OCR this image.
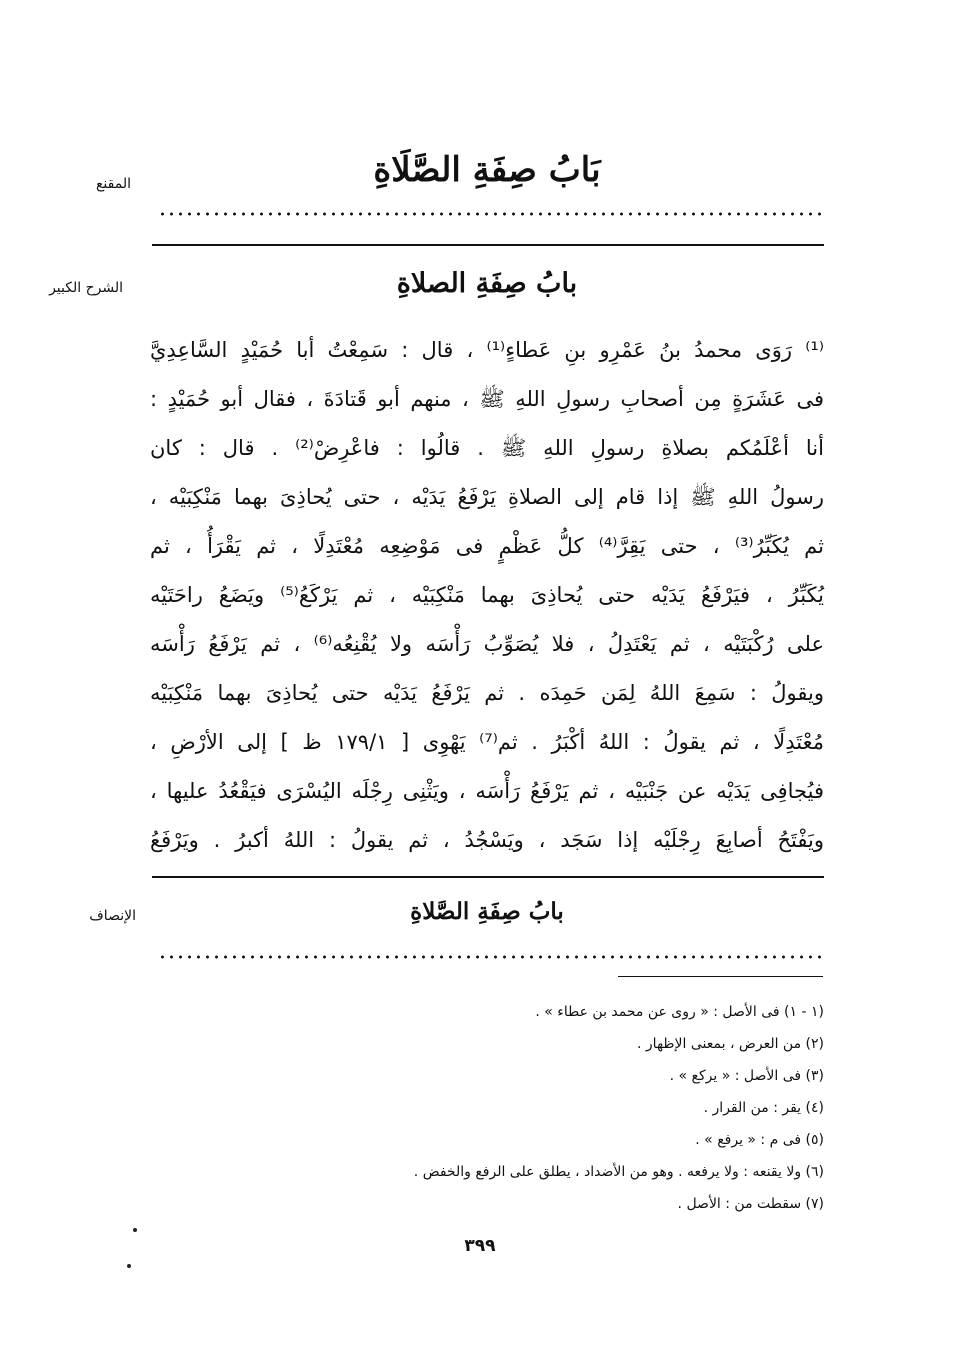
المقنع
الشرح الكبير
الإنصاف
بَابُ صِفَةِ الصَّلَاةِ
بابُ صِفَةِ الصلاةِ
⁽¹⁾ رَوَى محمدُ بنُ عَمْرِو بنِ عَطاءٍ⁽¹⁾ ، قال : سَمِعْتُ أبا حُمَيْدٍ السَّاعِدِيَّ
فى عَشَرَةٍ مِن أصحابِ رسولِ اللهِ ﷺ ، منهم أبو قَتادَةَ ، فقال أبو حُمَيْدٍ :
أنا أعْلَمُكم بصلاةِ رسولِ اللهِ ﷺ . قالُوا : فاعْرِضْ⁽²⁾ . قال : كان
رسولُ اللهِ ﷺ إذا قام إلى الصلاةِ يَرْفَعُ يَدَيْه ، حتى يُحاذِىَ بهما مَنْكِبَيْه ،
ثم يُكَبِّرُ⁽³⁾ ، حتى يَقِرَّ⁽⁴⁾ كلُّ عَظْمٍ فى مَوْضِعِه مُعْتَدِلًا ، ثم يَقْرَأُ ، ثم
يُكَبِّرُ ، فيَرْفَعُ يَدَيْه حتى يُحاذِىَ بهما مَنْكِبَيْه ، ثم يَرْكَعُ⁽⁵⁾ ويَضَعُ راحَتَيْه
على رُكْبَتَيْه ، ثم يَعْتَدِلُ ، فلا يُصَوِّبُ رَأْسَه ولا يُقْنِعُه⁽⁶⁾ ، ثم يَرْفَعُ رَأْسَه
ويقولُ : سَمِعَ اللهُ لِمَن حَمِدَه . ثم يَرْفَعُ يَدَيْه حتى يُحاذِىَ بهما مَنْكِبَيْه
مُعْتَدِلًا ، ثم يقولُ : اللهُ أكْبَرُ . ثم⁽⁷⁾ يَهْوِى [ ١٧٩/١ ظ ] إلى الأرْضِ ،
فيُجافِى يَدَيْه عن جَنْبَيْه ، ثم يَرْفَعُ رَأْسَه ، ويَثْنِى رِجْلَه اليُسْرَى فيَقْعُدُ عليها ،
ويَفْتَحُ أصابِعَ رِجْلَيْه إذا سَجَد ، ويَسْجُدُ ، ثم يقولُ : اللهُ أكبرُ . ويَرْفَعُ
بابُ صِفَةِ الصَّلاةِ
(١ - ١) فى الأصل : « روى عن محمد بن عطاء » .
(٢) من العرض ، بمعنى الإظهار .
(٣) فى الأصل : « يركع » .
(٤) يقر : من القرار .
(٥) فى م : « يرفع » .
(٦) ولا يقنعه : ولا يرفعه . وهو من الأضداد ، يطلق على الرفع والخفض .
(٧) سقطت من : الأصل .
٣٩٩
